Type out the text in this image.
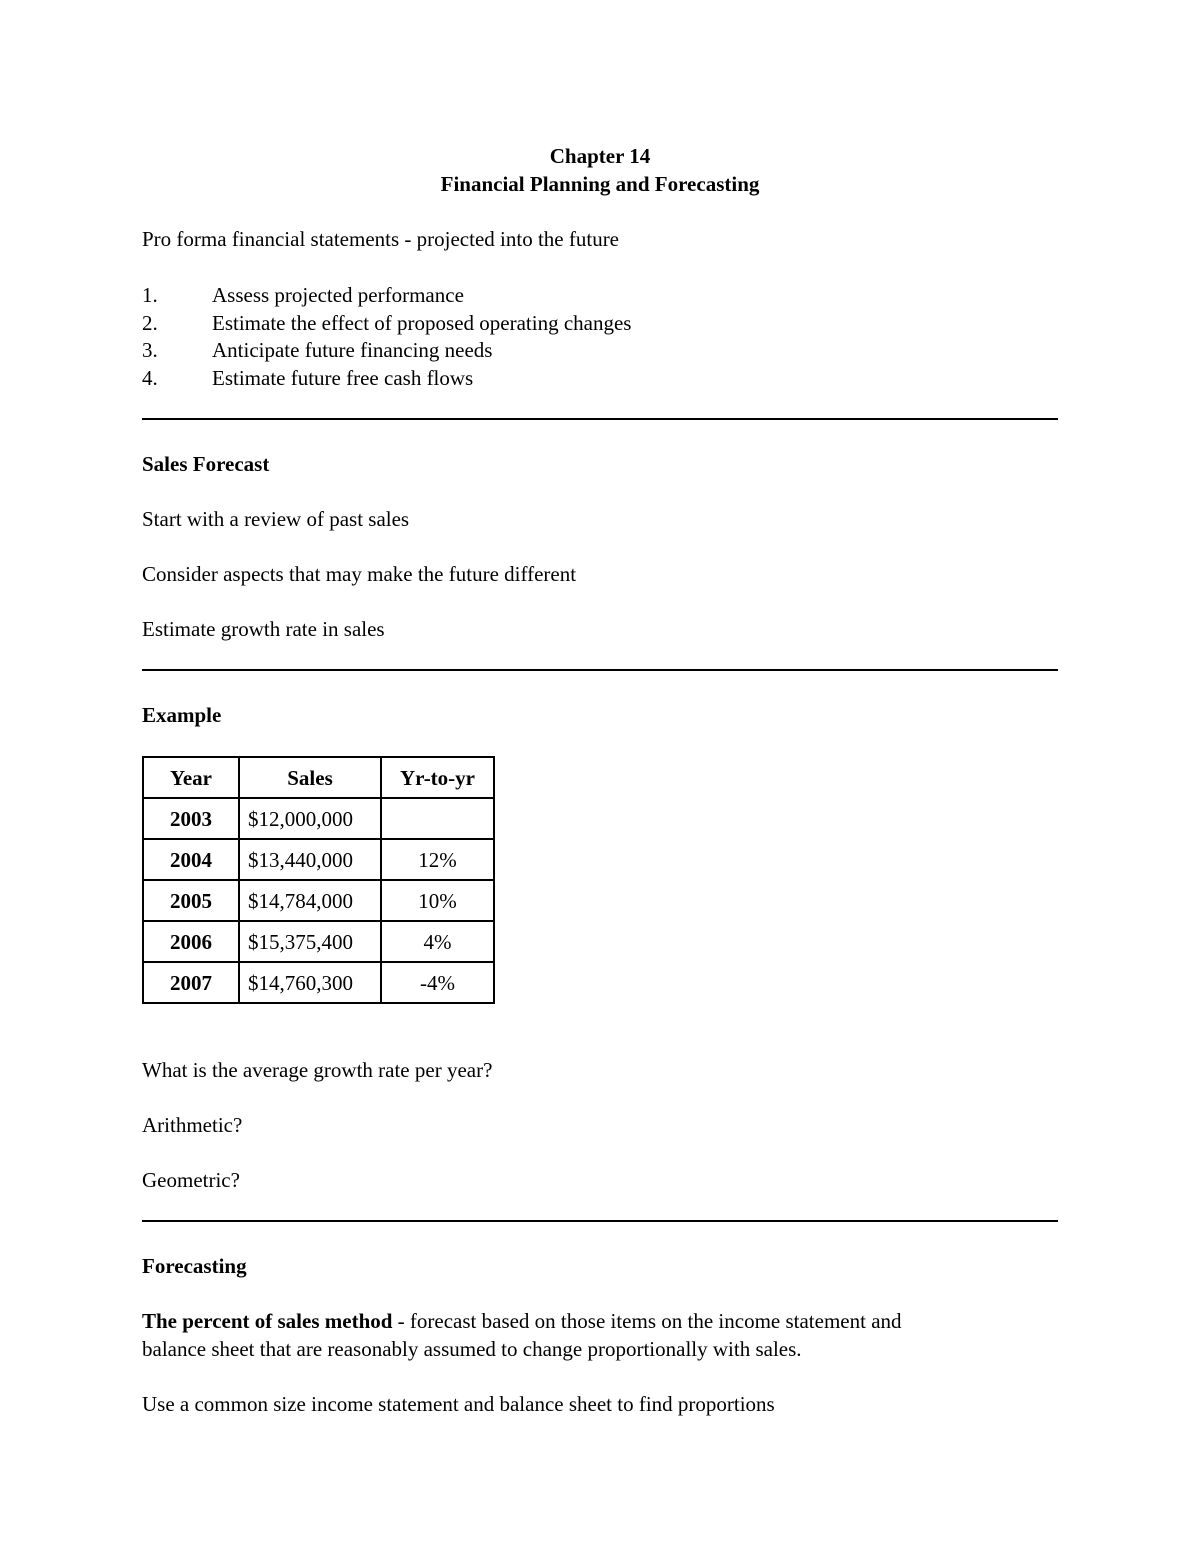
Chapter 14

Financial Planning and Forecasting

Pro forma financial statements - projected into the future

1.	Assess projected performance

2.	Estimate the effect of proposed operating changes

3.	Anticipate future financing needs

4.	Estimate future free cash flows

Sales Forecast

Start with a review of past sales

Consider aspects that may make the future different

Estimate growth rate in sales

Example

Year	Sales	Yr-to-yr
2003	$12,000,000	
2004	$13,440,000	12%
2005	$14,784,000	10%
2006	$15,375,400	4%
2007	$14,760,300	-4%

What is the average growth rate per year?

Arithmetic?

Geometric?

Forecasting

The percent of sales method - forecast based on those items on the income statement and

balance sheet that are reasonably assumed to change proportionally with sales.

Use a common size income statement and balance sheet to find proportions
